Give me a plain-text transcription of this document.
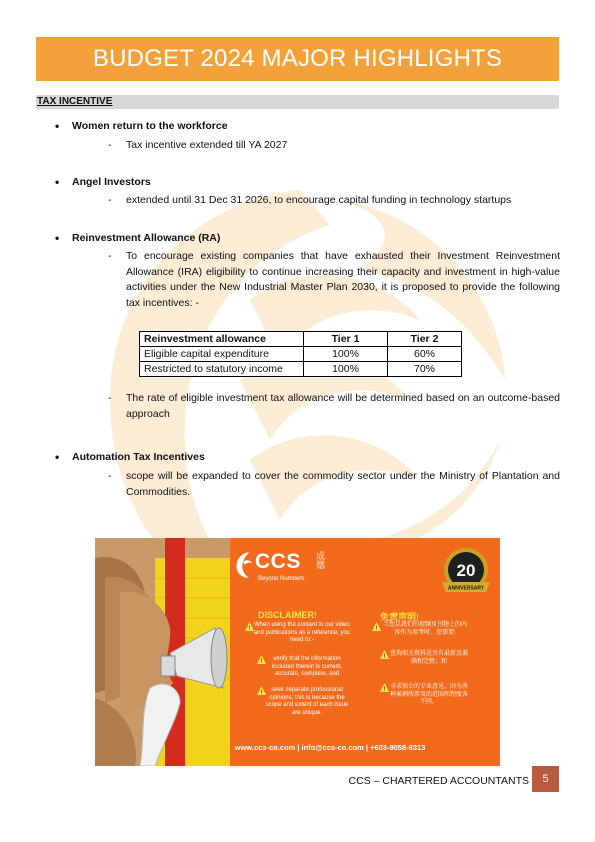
BUDGET 2024 MAJOR HIGHLIGHTS
TAX INCENTIVE
• Women return to the workforce
- Tax incentive extended till YA 2027
• Angel Investors
- extended until 31 Dec 31 2026, to encourage capital funding in technology startups
• Reinvestment Allowance (RA)
- To encourage existing companies that have exhausted their Investment Reinvestment Allowance (IRA) eligibility to continue increasing their capacity and investment in high-value activities under the New Industrial Master Plan 2030, it is proposed to provide the following tax incentives: -
Reinvestment allowance	Tier 1	Tier 2
Eligible capital expenditure	100%	60%
Restricted to statutory income	100%	70%
- The rate of eligible investment tax allowance will be determined based on an outcome-based approach
• Automation Tax Incentives
- scope will be expanded to cover the commodity sector under the Ministry of Plantation and Commodities.
CCS
Beyond Numbers
成 德	20
ANNIVERSARY
DISCLAIMER!	免责声明!
!
When using the content in our video and publications as a reference, you need to:-
!	verify that the information included therein is current, accurate, complete, and
!	seek separate professional opinions; this is because the scope and extent of each issue are unique.
!
当您以我们的视频及刊物上的内容作为参考时，您需要:
! 查询相关资料是否有最新及准确和完整；和
! 寻求独立的专业意见，因为各种案例所涉及的范围和程度各不同。
www.ccs-co.com | info@ccs-co.com | +603-9058-8313
CCS – CHARTERED ACCOUNTANTS	5
